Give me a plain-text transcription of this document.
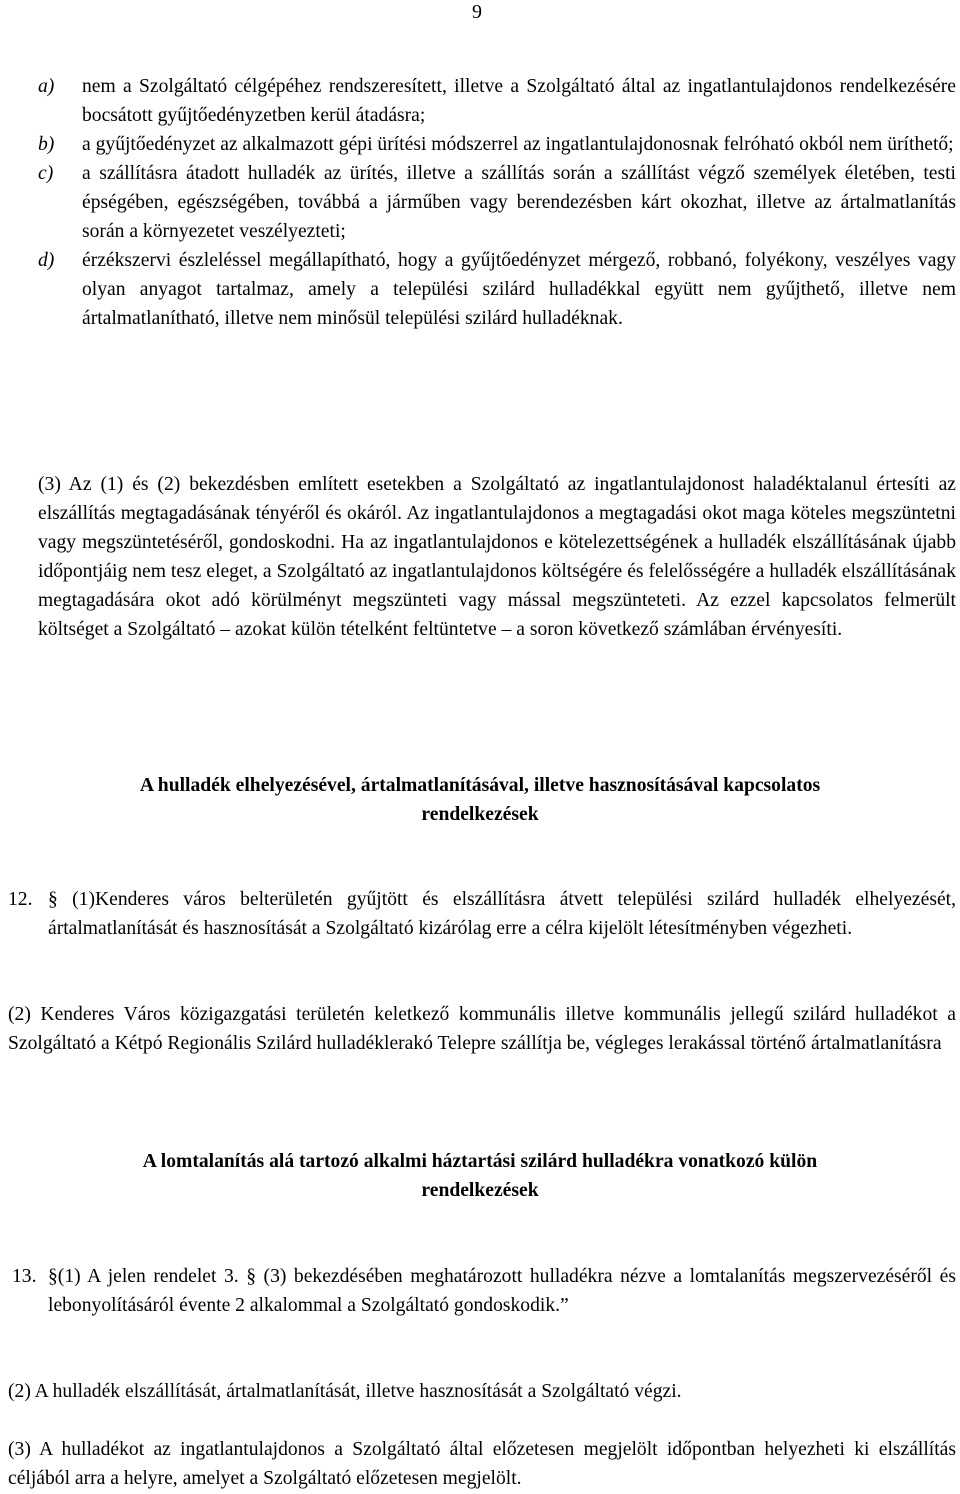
9
a)	nem a Szolgáltató célgépéhez rendszeresített, illetve a Szolgáltató által az ingatlantulajdonos rendelkezésére bocsátott gyűjtőedényzetben kerül átadásra;
b)	a gyűjtőedényzet az alkalmazott gépi ürítési módszerrel az ingatlantulajdonosnak felróható okból nem üríthető;
c)	a szállításra átadott hulladék az ürítés, illetve a szállítás során a szállítást végző személyek életében, testi épségében, egészségében, továbbá a járműben vagy berendezésben kárt okozhat, illetve az ártalmatlanítás során a környezetet veszélyezteti;
d)	érzékszervi észleléssel megállapítható, hogy a gyűjtőedényzet mérgező, robbanó, folyékony, veszélyes vagy olyan anyagot tartalmaz, amely a települési szilárd hulladékkal együtt nem gyűjthető, illetve nem ártalmatlanítható, illetve nem minősül települési szilárd hulladéknak.
(3) Az (1) és (2) bekezdésben említett esetekben a Szolgáltató az ingatlantulajdonost haladéktalanul értesíti az elszállítás megtagadásának tényéről és okáról. Az ingatlantulajdonos a megtagadási okot maga köteles megszüntetni vagy megszüntetéséről, gondoskodni. Ha az ingatlantulajdonos e kötelezettségének a hulladék elszállításának újabb időpontjáig nem tesz eleget, a Szolgáltató az ingatlantulajdonos költségére és felelősségére a hulladék elszállításának megtagadására okot adó körülményt megszünteti vagy mással megszünteteti. Az ezzel kapcsolatos felmerült költséget a Szolgáltató – azokat külön tételként feltüntetve – a soron következő számlában érvényesíti.
A hulladék elhelyezésével, ártalmatlanításával, illetve hasznosításával kapcsolatos
rendelkezések
12. § (1)Kenderes város belterületén gyűjtött és elszállításra átvett települési szilárd hulladék elhelyezését, ártalmatlanítását és hasznosítását a Szolgáltató kizárólag erre a célra kijelölt létesítményben végezheti.
(2) Kenderes Város közigazgatási területén keletkező kommunális illetve kommunális jellegű szilárd hulladékot a Szolgáltató a Kétpó Regionális Szilárd hulladéklerakó Telepre szállítja be, végleges lerakással történő ártalmatlanításra
A lomtalanítás alá tartozó alkalmi háztartási szilárd hulladékra vonatkozó külön
rendelkezések
13. §(1) A jelen rendelet 3. § (3) bekezdésében meghatározott hulladékra nézve a lomtalanítás megszervezéséről és lebonyolításáról évente 2 alkalommal a Szolgáltató gondoskodik.”
(2) A hulladék elszállítását, ártalmatlanítását, illetve hasznosítását a Szolgáltató végzi.
(3) A hulladékot az ingatlantulajdonos a Szolgáltató által előzetesen megjelölt időpontban helyezheti ki elszállítás céljából arra a helyre, amelyet a Szolgáltató előzetesen megjelölt.
